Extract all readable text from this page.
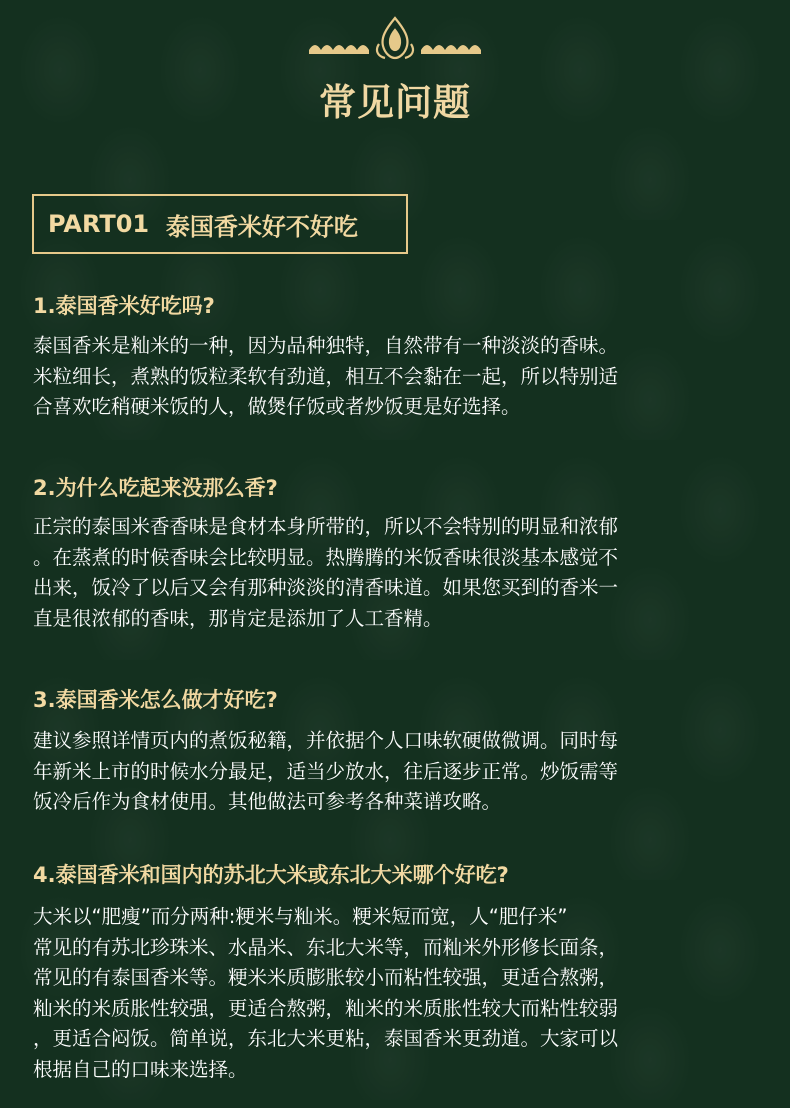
常见问题
PART01
泰国香米好不好吃
1.泰国香米好吃吗?
泰国香米是籼米的一种，因为品种独特，自然带有一种淡淡的香味。
米粒细长，煮熟的饭粒柔软有劲道，相互不会黏在一起，所以特别适
合喜欢吃稍硬米饭的人，做煲仔饭或者炒饭更是好选择。
2.为什么吃起来没那么香?
正宗的泰国米香香味是食材本身所带的，所以不会特别的明显和浓郁
。在蒸煮的时候香味会比较明显。热腾腾的米饭香味很淡基本感觉不
出来，饭冷了以后又会有那种淡淡的清香味道。如果您买到的香米一
直是很浓郁的香味，那肯定是添加了人工香精。
3.泰国香米怎么做才好吃?
建议参照详情页内的煮饭秘籍，并依据个人口味软硬做微调。同时每
年新米上市的时候水分最足，适当少放水，往后逐步正常。炒饭需等
饭冷后作为食材使用。其他做法可参考各种菜谱攻略。
4.泰国香米和国内的苏北大米或东北大米哪个好吃?
大米以“肥瘦”而分两种:粳米与籼米。粳米短而宽，人“肥仔米”
常见的有苏北珍珠米、水晶米、东北大米等，而籼米外形修长面条，
常见的有泰国香米等。粳米米质膨胀较小而粘性较强，更适合熬粥，
籼米的米质胀性较强，更适合熬粥，籼米的米质胀性较大而粘性较弱
，更适合闷饭。简单说，东北大米更粘，泰国香米更劲道。大家可以
根据自己的口味来选择。
